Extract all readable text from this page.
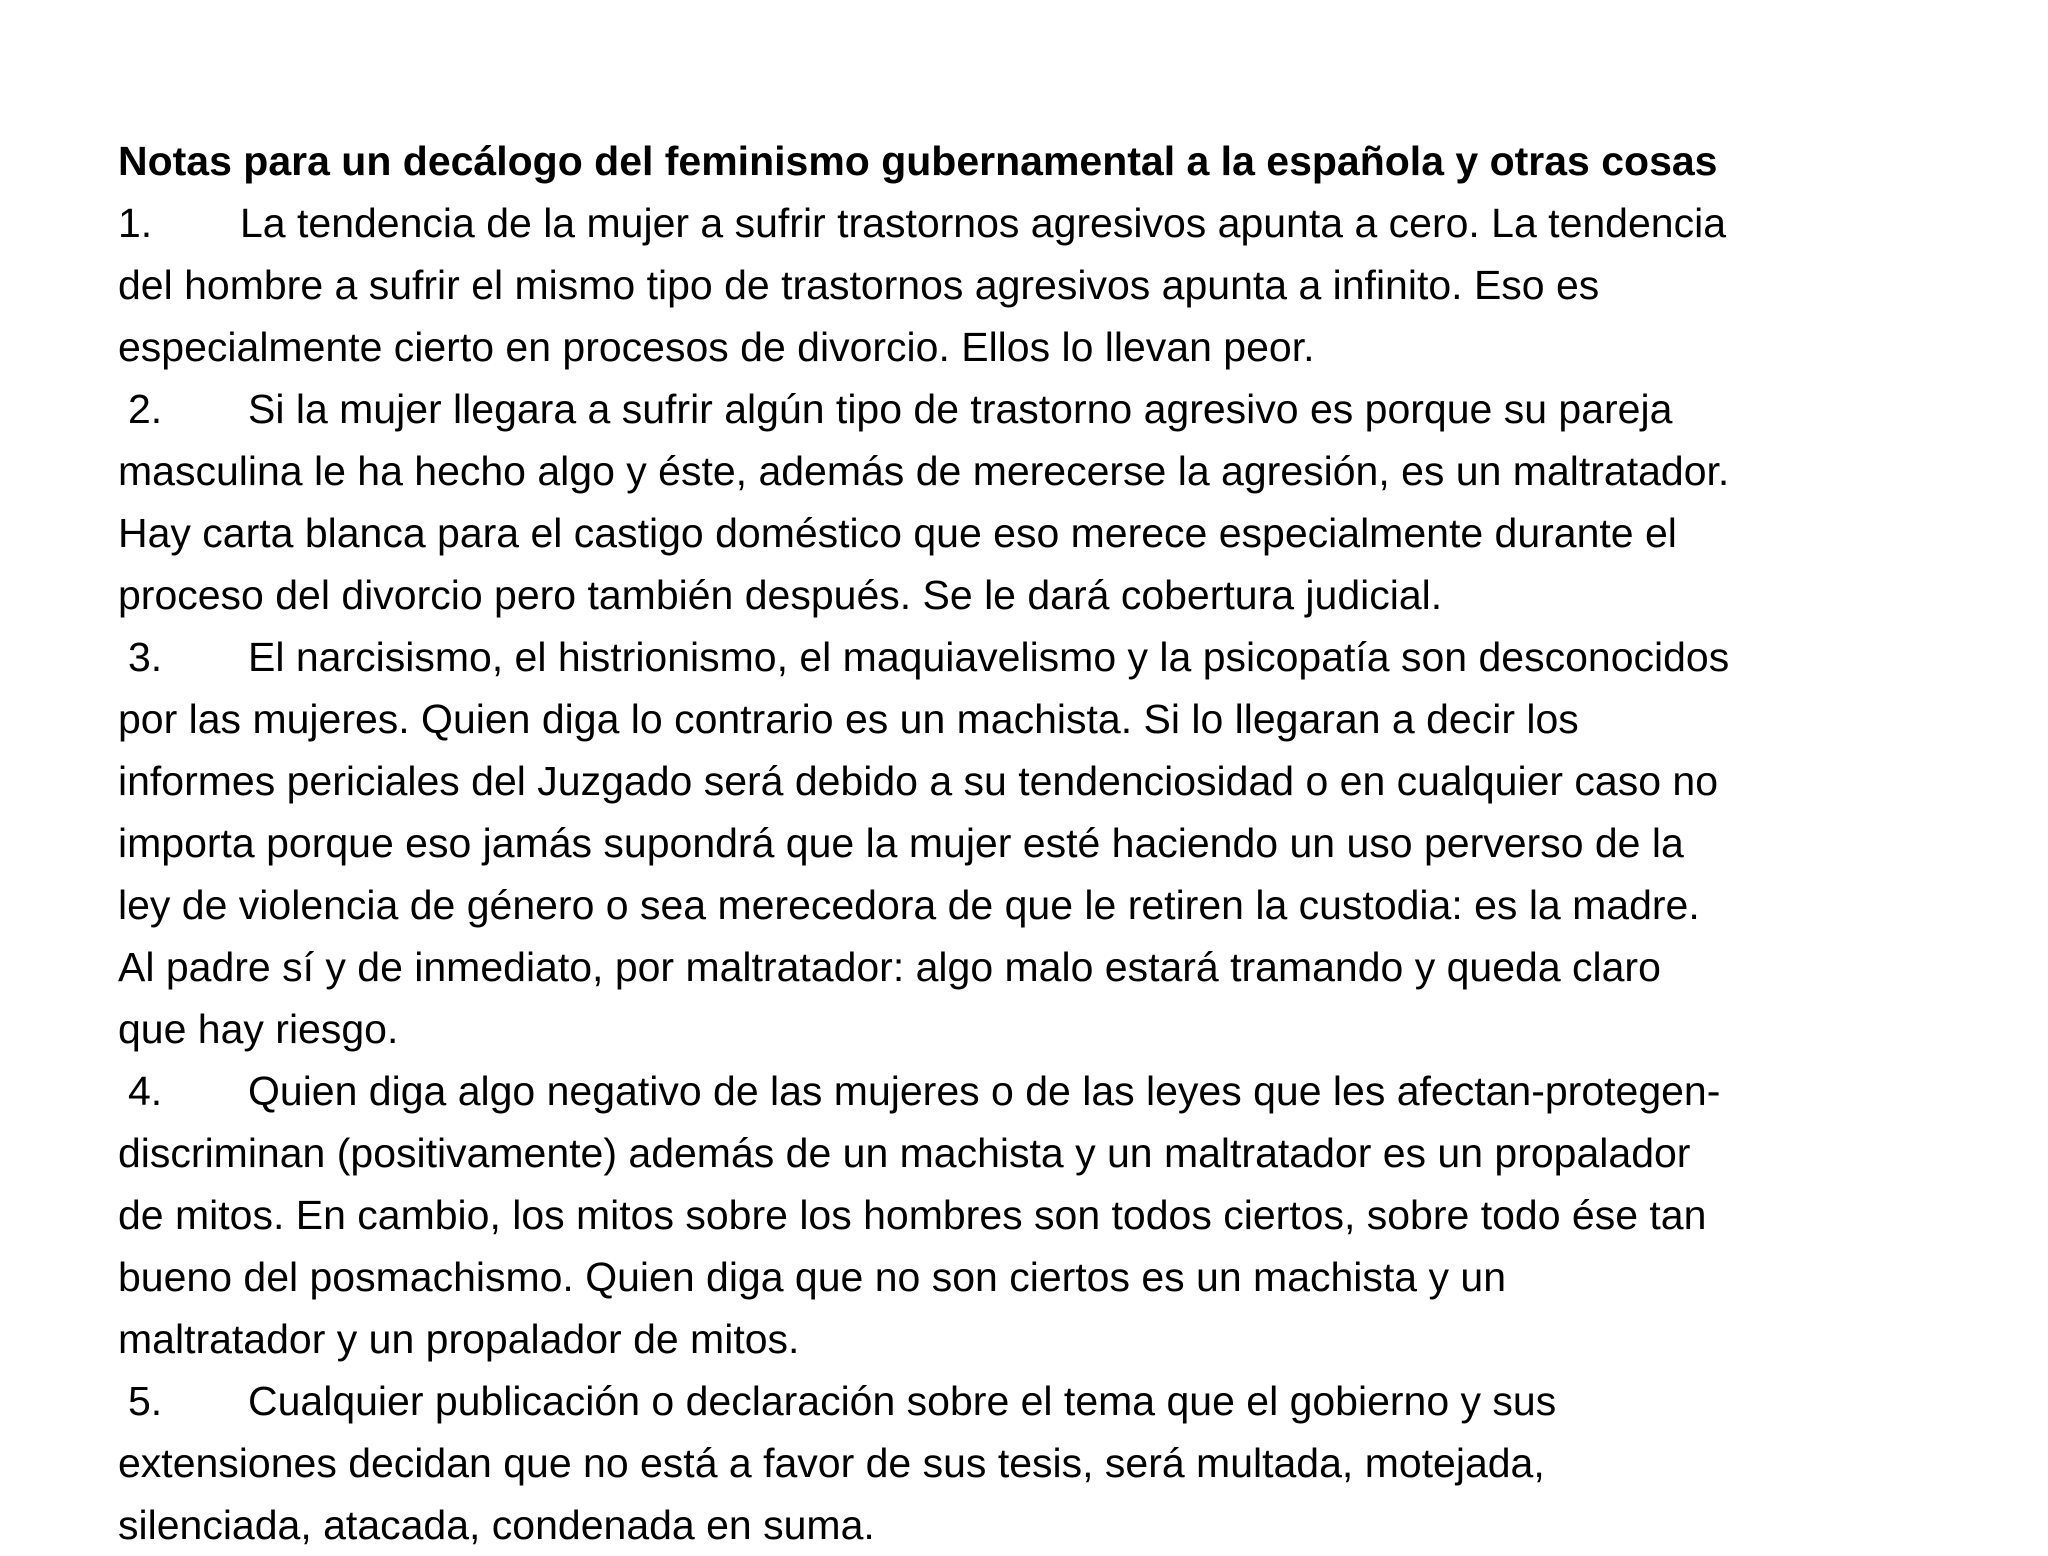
Notas para un decálogo del feminismo gubernamental a la española y otras cosas
1. La tendencia de la mujer a sufrir trastornos agresivos apunta a cero. La tendencia
del hombre a sufrir el mismo tipo de trastornos agresivos apunta a infinito. Eso es
especialmente cierto en procesos de divorcio. Ellos lo llevan peor.
2. Si la mujer llegara a sufrir algún tipo de trastorno agresivo es porque su pareja
masculina le ha hecho algo y éste, además de merecerse la agresión, es un maltratador.
Hay carta blanca para el castigo doméstico que eso merece especialmente durante el
proceso del divorcio pero también después. Se le dará cobertura judicial.
3. El narcisismo, el histrionismo, el maquiavelismo y la psicopatía son desconocidos
por las mujeres. Quien diga lo contrario es un machista. Si lo llegaran a decir los
informes periciales del Juzgado será debido a su tendenciosidad o en cualquier caso no
importa porque eso jamás supondrá que la mujer esté haciendo un uso perverso de la
ley de violencia de género o sea merecedora de que le retiren la custodia: es la madre.
Al padre sí y de inmediato, por maltratador: algo malo estará tramando y queda claro
que hay riesgo.
4. Quien diga algo negativo de las mujeres o de las leyes que les afectan-protegen-
discriminan (positivamente) además de un machista y un maltratador es un propalador
de mitos. En cambio, los mitos sobre los hombres son todos ciertos, sobre todo ése tan
bueno del posmachismo. Quien diga que no son ciertos es un machista y un
maltratador y un propalador de mitos.
5. Cualquier publicación o declaración sobre el tema que el gobierno y sus
extensiones decidan que no está a favor de sus tesis, será multada, motejada,
silenciada, atacada, condenada en suma.
